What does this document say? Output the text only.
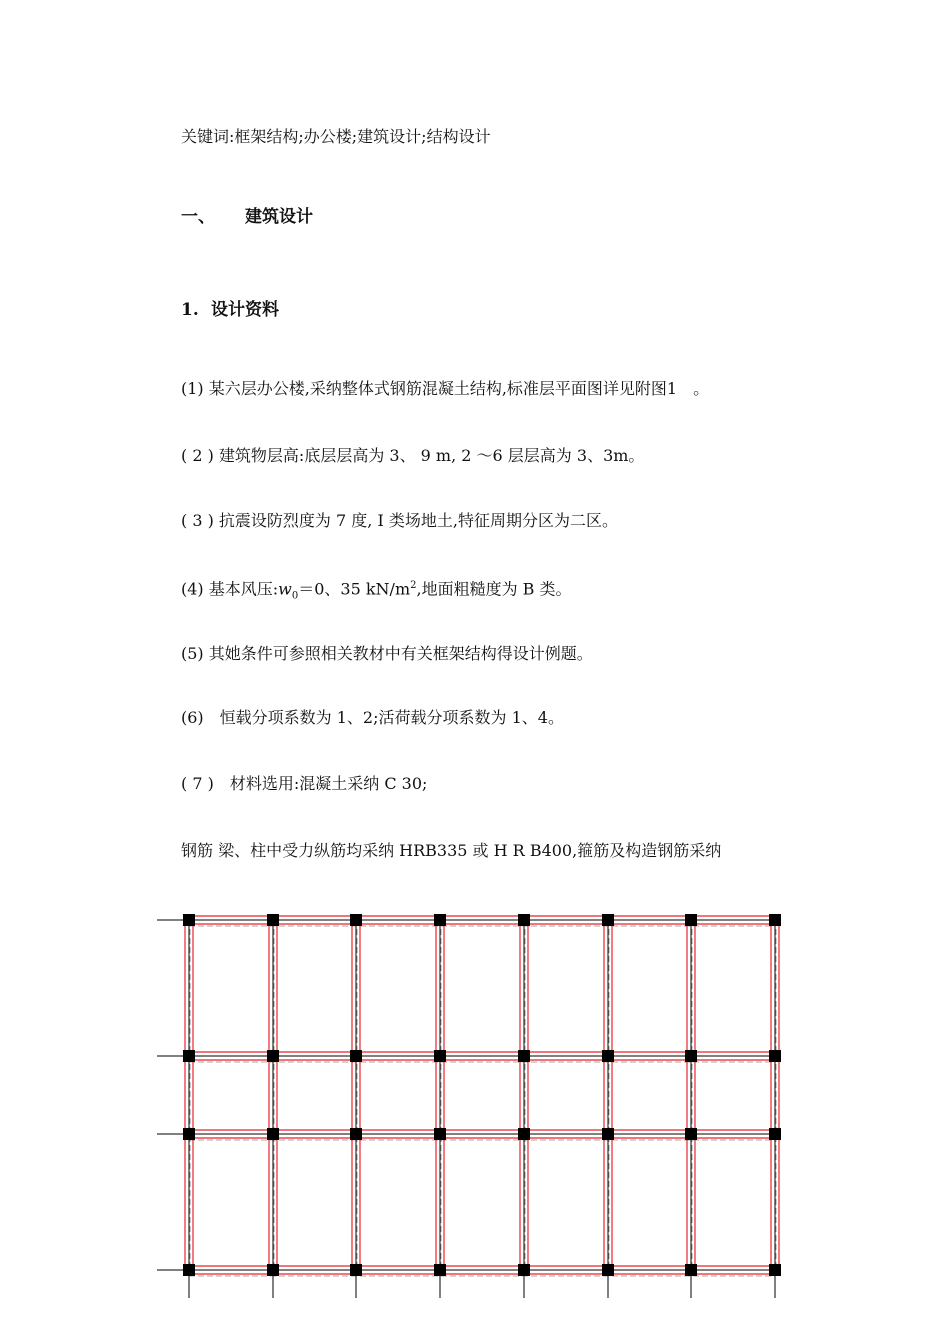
关键词:框架结构;办公楼;建筑设计;结构设计
一、 建筑设计
1. 设计资料
(1) 某六层办公楼,采纳整体式钢筋混凝土结构,标准层平面图详见附图1　。
( 2 ) 建筑物层高:底层层高为 3、 9 m, 2 ～6 层层高为 3、3m。
( 3 ) 抗震设防烈度为 7 度, Ⅰ 类场地土,特征周期分区为二区。
(4) 基本风压$:w_0=0$、35 $kN/m^2$,地面粗糙度为 B 类。
(5) 其她条件可参照相关教材中有关框架结构得设计例题。
(6)　恒载分项系数为 1、2;活荷载分项系数为 1、4。
( 7 )　材料选用:混凝土采纳 C 30;
钢筋 梁、柱中受力纵筋均采纳 HRB335 或 H R B400,箍筋及构造钢筋采纳
